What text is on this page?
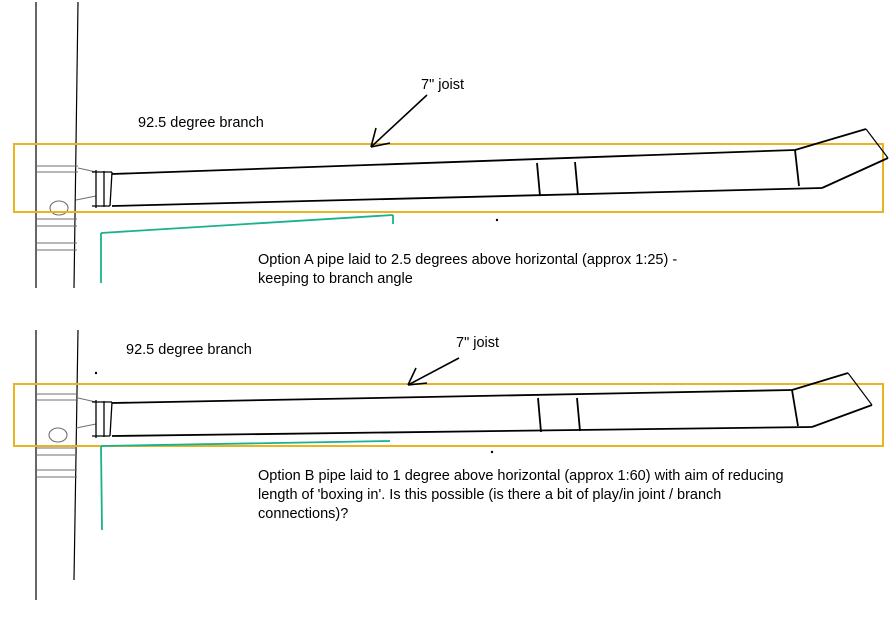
7" joist
92.5 degree branch
Option A pipe laid to 2.5 degrees above horizontal (approx 1:25) - keeping to branch angle
7" joist
92.5 degree branch
Option B pipe laid to 1 degree above horizontal (approx 1:60) with aim of reducing length of 'boxing in'. Is this possible (is there a bit of play/in joint / branch connections)?
